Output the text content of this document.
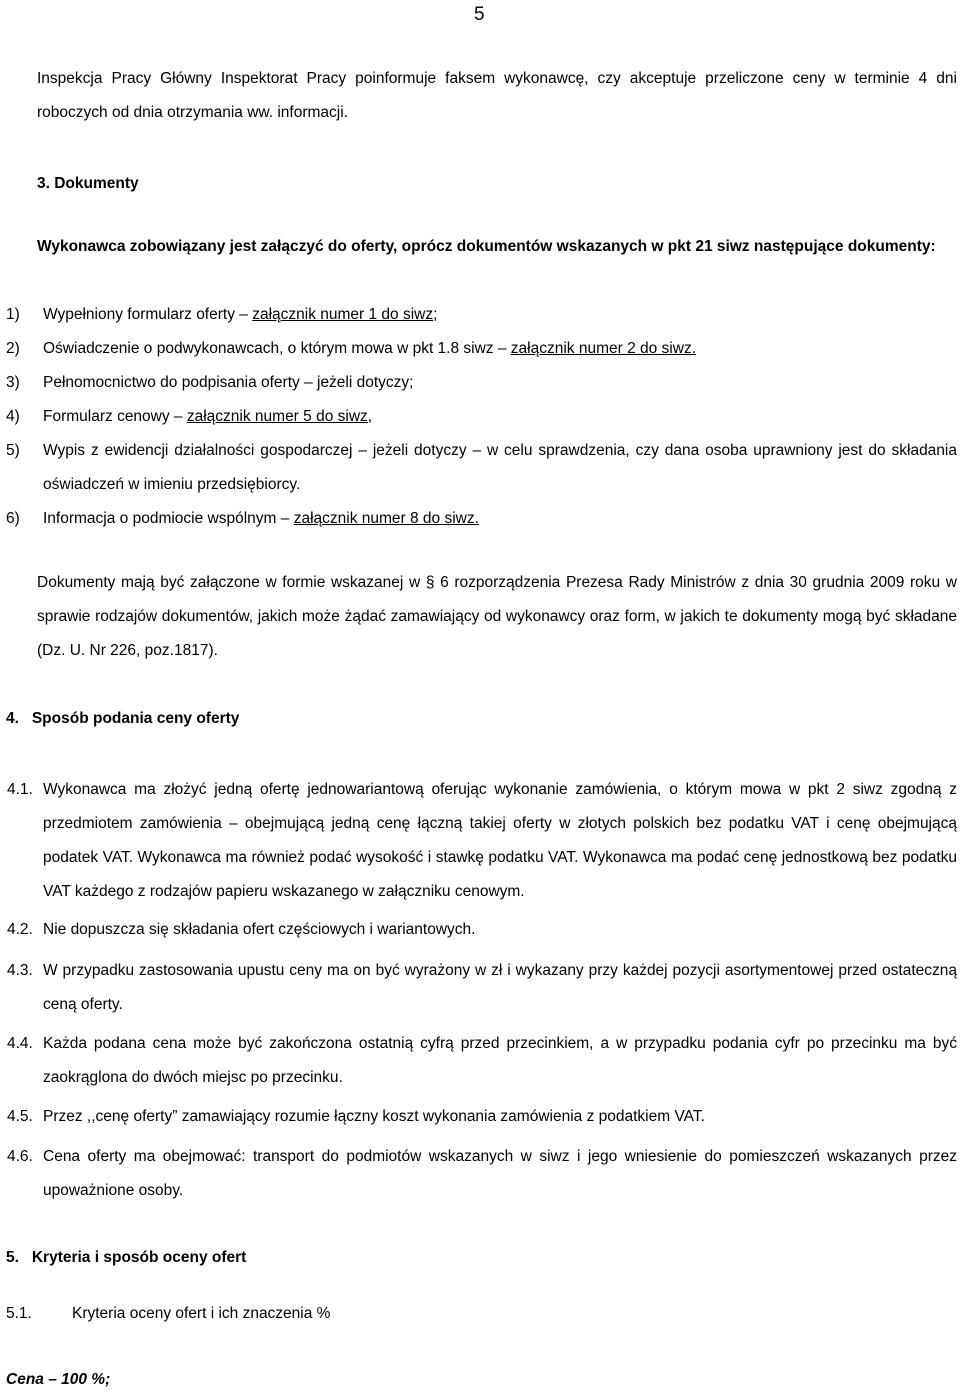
5
Inspekcja Pracy Główny Inspektorat Pracy poinformuje faksem wykonawcę, czy akceptuje przeliczone ceny w terminie 4 dni roboczych od dnia otrzymania ww. informacji.
3. Dokumenty
Wykonawca zobowiązany jest załączyć do oferty, oprócz dokumentów wskazanych w pkt 21 siwz następujące dokumenty:
1) Wypełniony formularz oferty – załącznik numer 1 do siwz;
2) Oświadczenie o podwykonawcach, o którym mowa w pkt 1.8 siwz – załącznik numer 2 do siwz.
3) Pełnomocnictwo do podpisania oferty – jeżeli dotyczy;
4) Formularz cenowy – załącznik numer 5 do siwz,
5) Wypis z ewidencji działalności gospodarczej – jeżeli dotyczy – w celu sprawdzenia, czy dana osoba uprawniony jest do składania oświadczeń w imieniu przedsiębiorcy.
6) Informacja o podmiocie wspólnym – załącznik numer 8 do siwz.
Dokumenty mają być załączone w formie wskazanej w § 6 rozporządzenia Prezesa Rady Ministrów z dnia 30 grudnia 2009 roku w sprawie rodzajów dokumentów, jakich może żądać zamawiający od wykonawcy oraz form, w jakich te dokumenty mogą być składane (Dz. U. Nr 226, poz.1817).
4.   Sposób podania ceny oferty
4.1. Wykonawca ma złożyć jedną ofertę jednowariantową oferując wykonanie zamówienia, o którym mowa w pkt 2 siwz zgodną z przedmiotem zamówienia – obejmującą jedną cenę łączną takiej oferty w złotych polskich bez podatku VAT i cenę obejmującą podatek VAT. Wykonawca ma również podać wysokość i stawkę podatku VAT. Wykonawca ma podać cenę jednostkową bez podatku VAT każdego z rodzajów papieru wskazanego w załączniku cenowym.
4.2. Nie dopuszcza się składania ofert częściowych i wariantowych.
4.3. W przypadku zastosowania upustu ceny ma on być wyrażony w zł i wykazany przy każdej pozycji asortymentowej przed ostateczną ceną oferty.
4.4. Każda podana cena może być zakończona ostatnią cyfrą przed przecinkiem, a w przypadku podania cyfr po przecinku ma być zaokrąglona do dwóch miejsc po przecinku.
4.5. Przez ,,cenę oferty” zamawiający rozumie łączny koszt wykonania zamówienia z podatkiem VAT.
4.6. Cena oferty ma obejmować: transport do podmiotów wskazanych w siwz i jego wniesienie do pomieszczeń wskazanych przez upoważnione osoby.
5.   Kryteria i sposób oceny ofert
5.1.	Kryteria oceny ofert i ich znaczenia %
Cena – 100 %;
